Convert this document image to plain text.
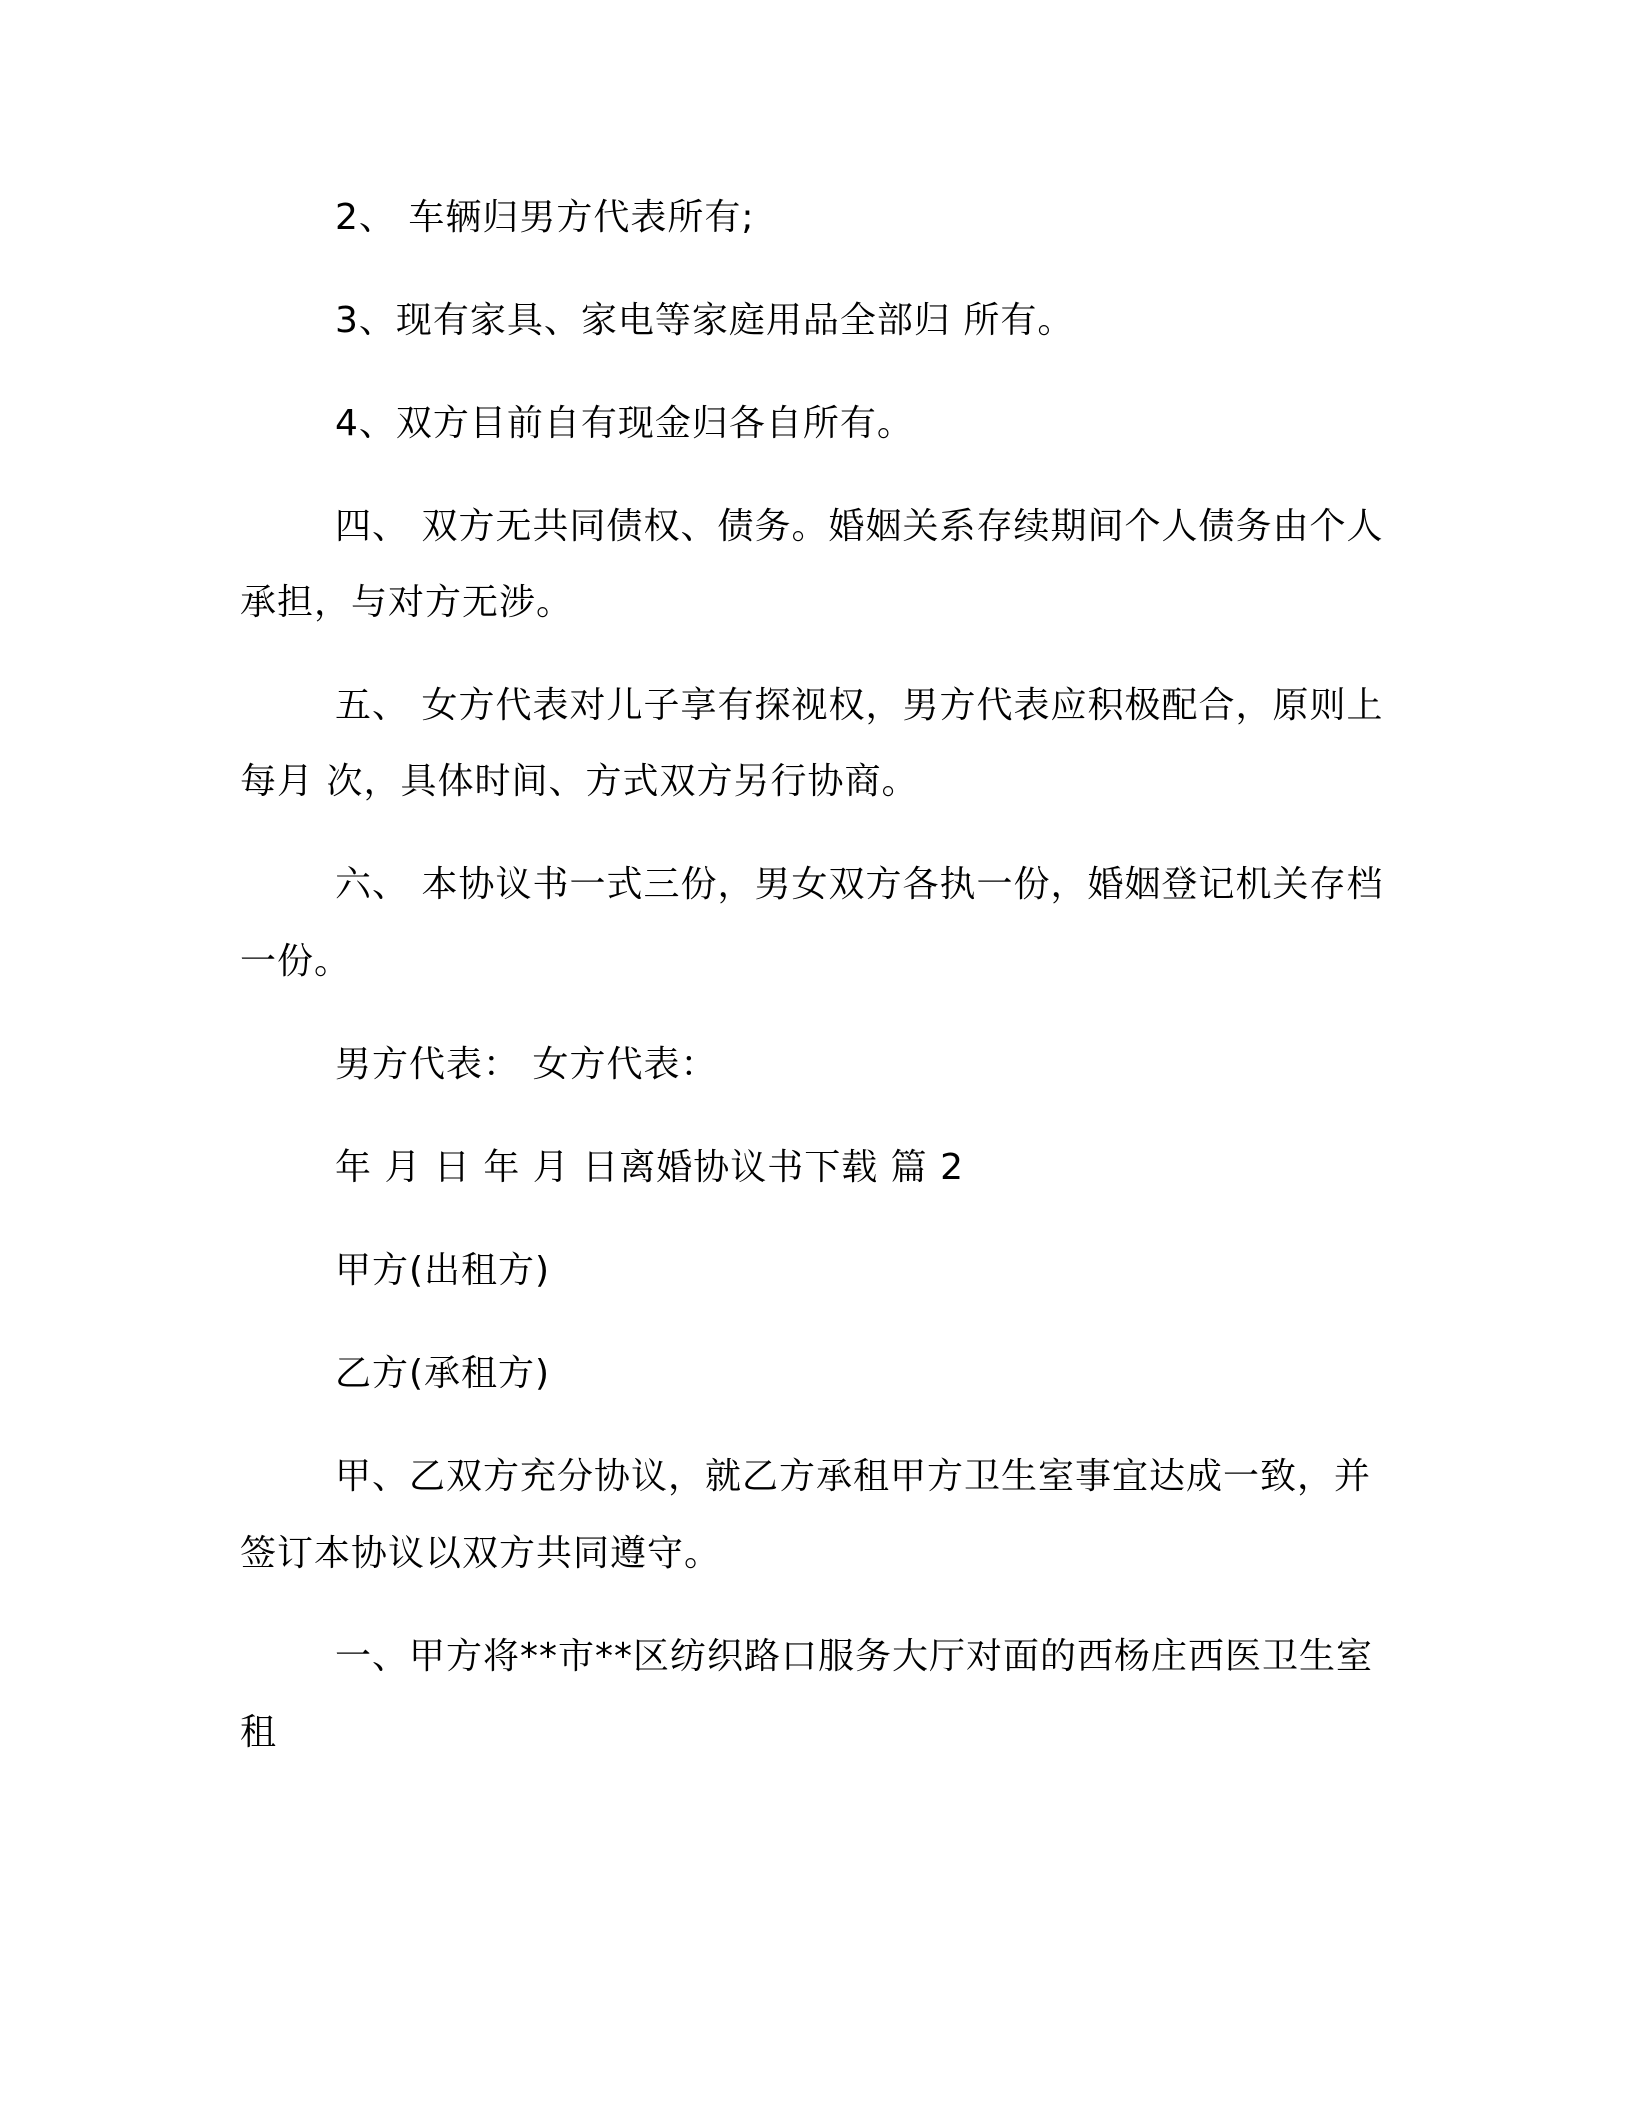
2、 车辆归男方代表所有;
3、现有家具、家电等家庭用品全部归 所有。
4、双方目前自有现金归各自所有。
四、 双方无共同债权、债务。婚姻关系存续期间个人债务由个人
承担，与对方无涉。
五、 女方代表对儿子享有探视权，男方代表应积极配合，原则上
每月 次，具体时间、方式双方另行协商。
六、 本协议书一式三份，男女双方各执一份，婚姻登记机关存档
一份。
男方代表： 女方代表：
年 月 日 年 月 日离婚协议书下载 篇 2
甲方(出租方)
乙方(承租方)
甲、乙双方充分协议，就乙方承租甲方卫生室事宜达成一致，并
签订本协议以双方共同遵守。
一、甲方将**市**区纺织路口服务大厅对面的西杨庄西医卫生室
租
